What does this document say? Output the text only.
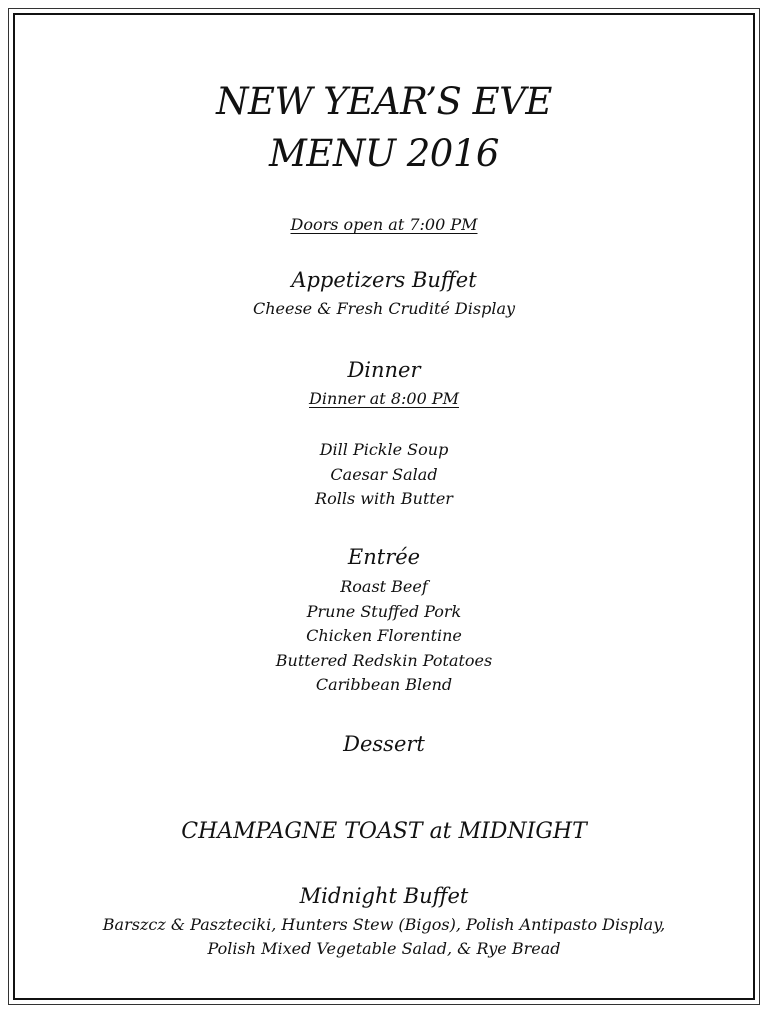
NEW YEAR’S EVE
MENU 2016

Doors open at 7:00 PM

Appetizers Buffet

Cheese & Fresh Crudité Display

Dinner

Dinner at 8:00 PM

Dill Pickle Soup
Caesar Salad
Rolls with Butter
Entrée
Roast Beef
Prune Stuffed Pork
Chicken Florentine
Buttered Redskin Potatoes
Caribbean Blend
Dessert

CHAMPAGNE TOAST at MIDNIGHT

Midnight Buffet

Barszcz & Paszteciki, Hunters Stew (Bigos), Polish Antipasto Display,

Polish Mixed Vegetable Salad, & Rye Bread
